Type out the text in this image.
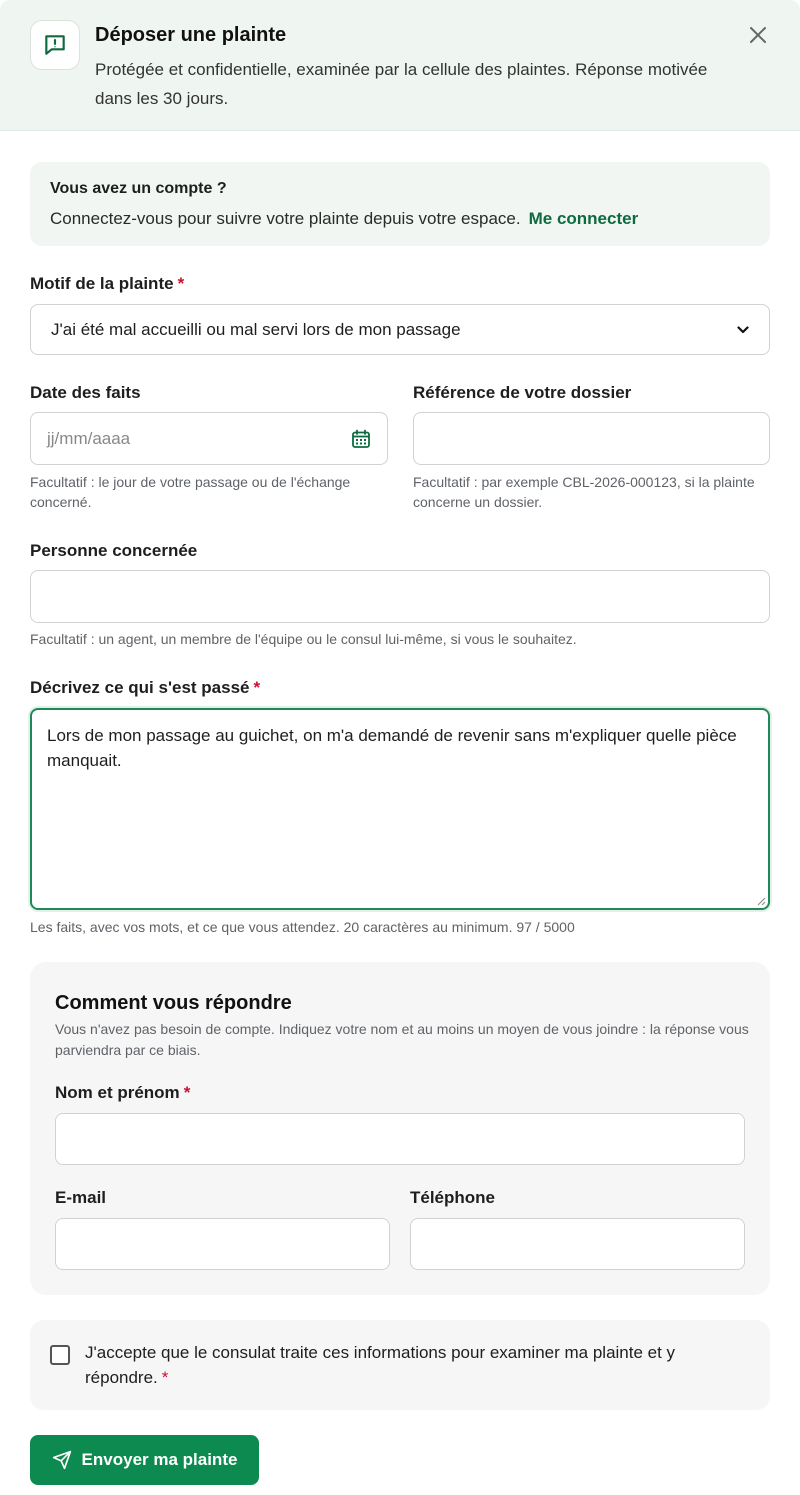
Déposer une plainte
Protégée et confidentielle, examinée par la cellule des plaintes. Réponse motivée dans les 30 jours.
Vous avez un compte ?
Connectez-vous pour suivre votre plainte depuis votre espace. Me connecter
Motif de la plainte *
J'ai été mal accueilli ou mal servi lors de mon passage
Date des faits
jj/mm/aaaa
Facultatif : le jour de votre passage ou de l'échange concerné.
Référence de votre dossier
Facultatif : par exemple CBL-2026-000123, si la plainte concerne un dossier.
Personne concernée
Facultatif : un agent, un membre de l'équipe ou le consul lui-même, si vous le souhaitez.
Décrivez ce qui s'est passé *
Lors de mon passage au guichet, on m'a demandé de revenir sans m'expliquer quelle pièce manquait.
Les faits, avec vos mots, et ce que vous attendez. 20 caractères au minimum. 97 / 5000
Comment vous répondre
Vous n'avez pas besoin de compte. Indiquez votre nom et au moins un moyen de vous joindre : la réponse vous parviendra par ce biais.
Nom et prénom *
E-mail	Téléphone
J'accepte que le consulat traite ces informations pour examiner ma plainte et y répondre. *
Envoyer ma plainte
